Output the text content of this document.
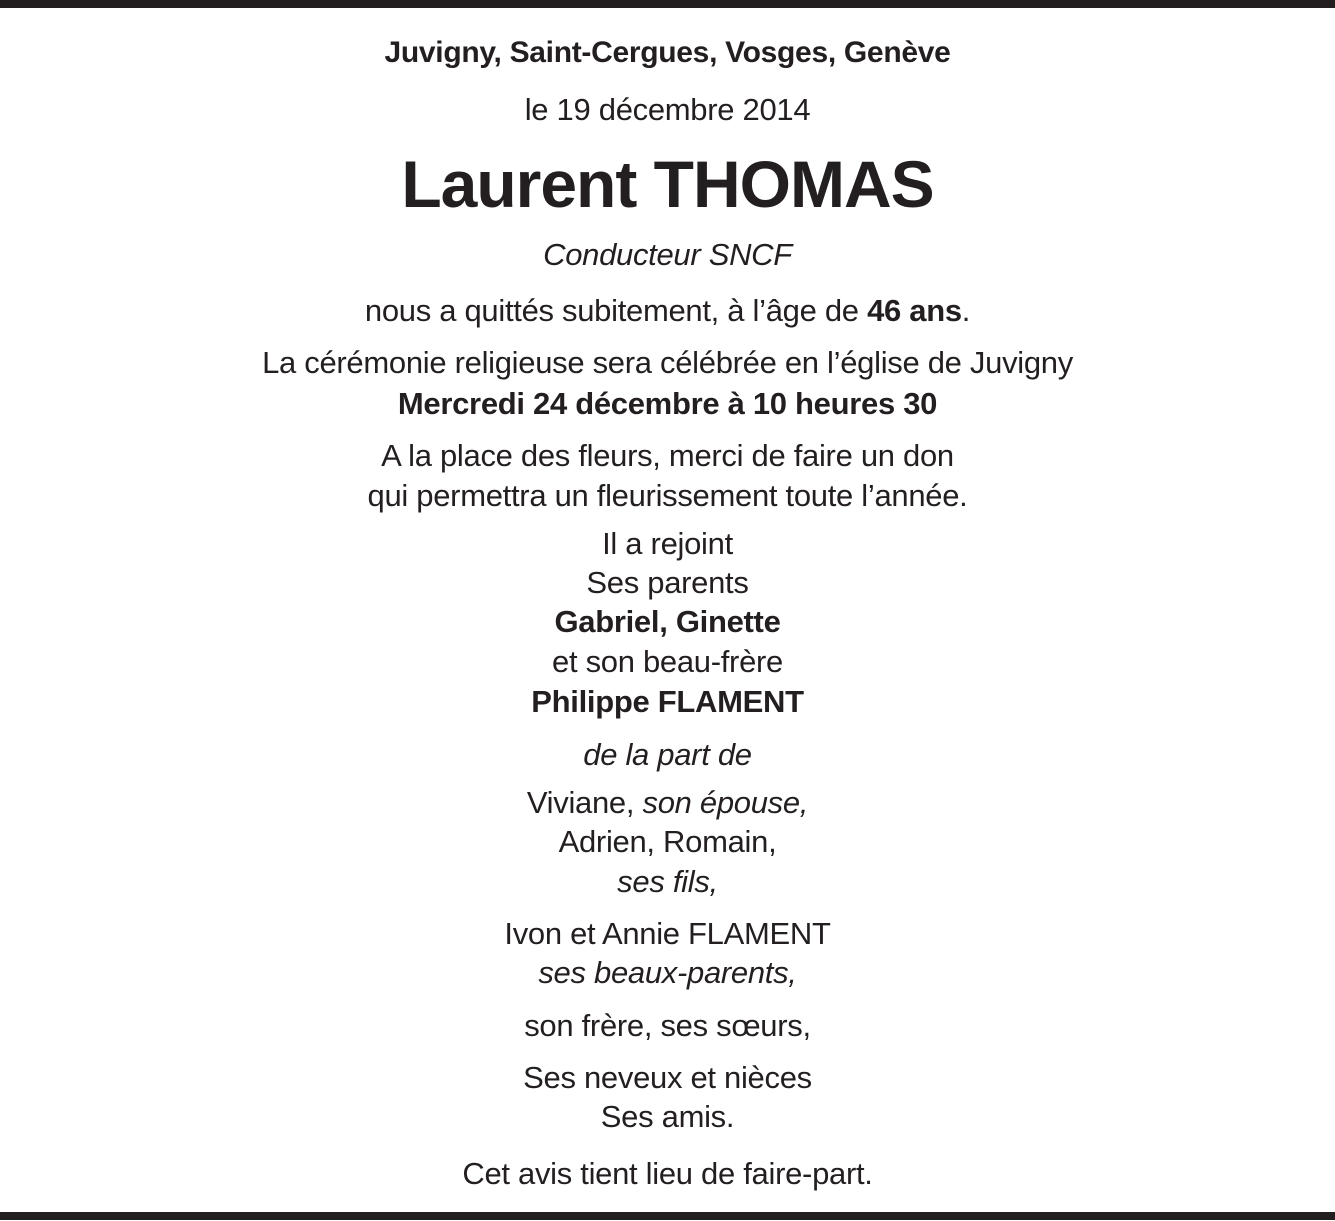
Juvigny, Saint-Cergues, Vosges, Genève
le 19 décembre 2014
Laurent THOMAS
Conducteur SNCF
nous a quittés subitement, à l’âge de 46 ans.
La cérémonie religieuse sera célébrée en l’église de Juvigny
Mercredi 24 décembre à 10 heures 30
A la place des fleurs, merci de faire un don
qui permettra un fleurissement toute l’année.
Il a rejoint
Ses parents
Gabriel, Ginette
et son beau-frère
Philippe FLAMENT
de la part de
Viviane, son épouse,
Adrien, Romain,
ses fils,
Ivon et Annie FLAMENT
ses beaux-parents,
son frère, ses sœurs,
Ses neveux et nièces
Ses amis.
Cet avis tient lieu de faire-part.
